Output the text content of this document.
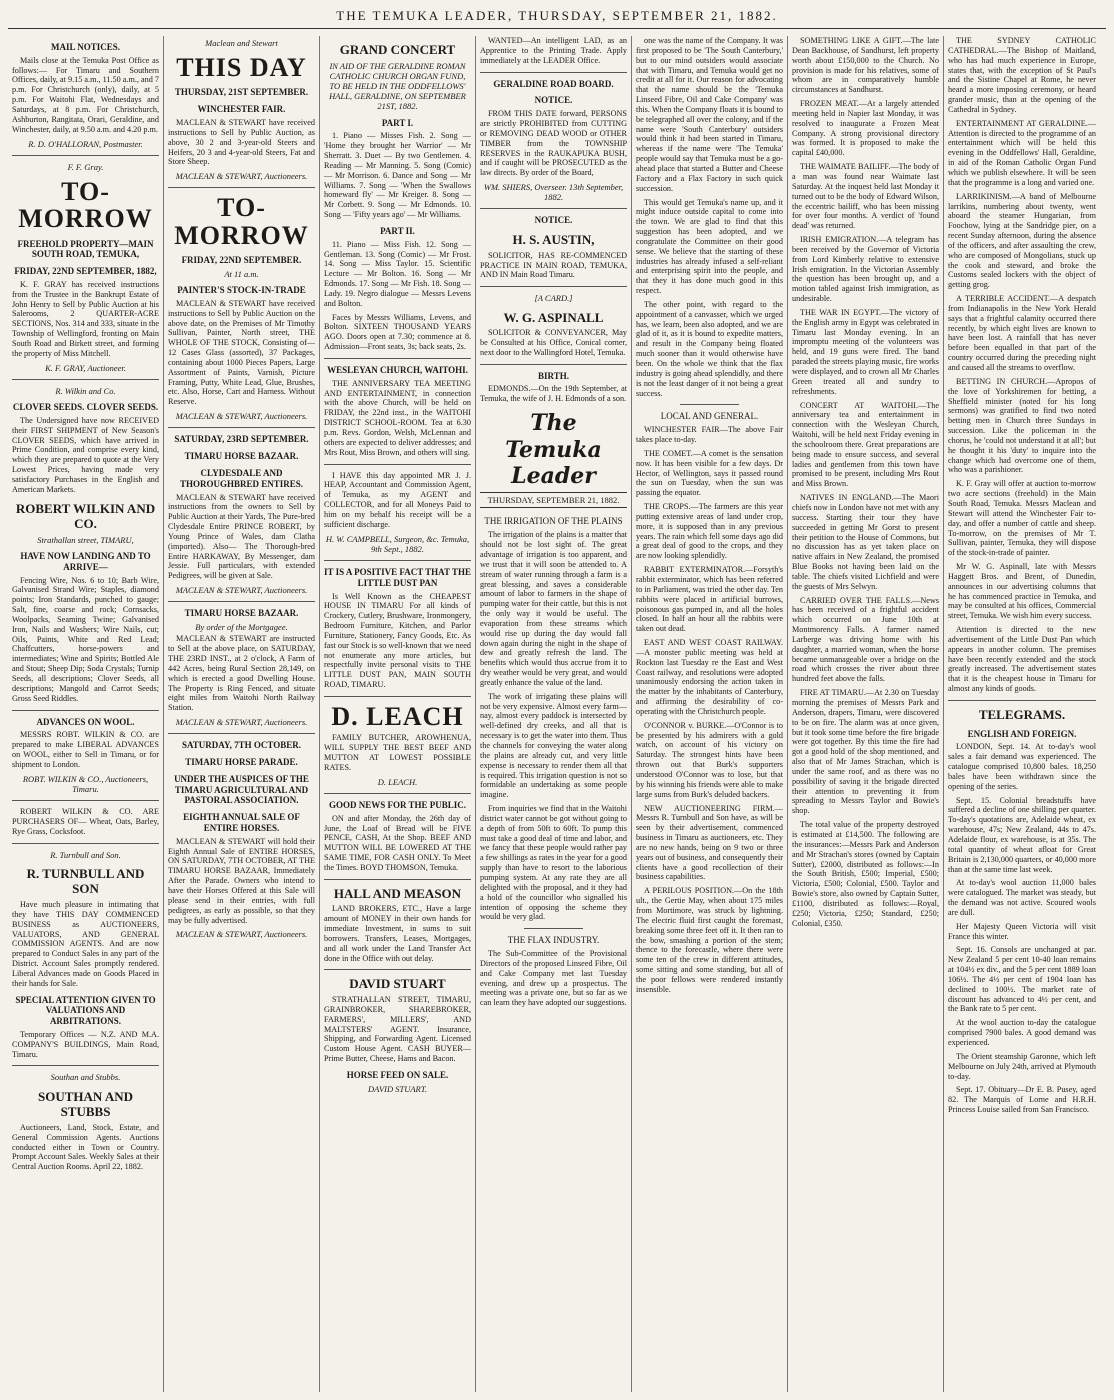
THE TEMUKA LEADER, THURSDAY, SEPTEMBER 21, 1882.
MAIL NOTICES.

Mails close at the Temuka Post Office as follows:— For Timaru and Southern Offices, daily, at 9.15 a.m., 11.50 a.m., and 7 p.m. For Christchurch (only), daily, at 5 p.m. For Waitohi Flat, Wednesdays and Saturdays, at 8 p.m. For Christchurch, Ashburton, Rangitata, Orari, Geraldine, and Winchester, daily, at 9.50 a.m. and 4.20 p.m.

R. D. O'HALLORAN, Postmaster.
F. F. Gray.
TO-MORROW
FREEHOLD PROPERTY—MAIN SOUTH ROAD, TEMUKA,
FRIDAY, 22ND SEPTEMBER, 1882,

K. F. GRAY has received instructions from the Trustee in the Bankrupt Estate of John Henry to Sell by Public Auction at his Salerooms, 2 QUARTER-ACRE SECTIONS, Nos. 314 and 333, situate in the Township of Wellingford, fronting on Main South Road and Birkett street, and forming the property of Miss Mitchell.

K. F. GRAY, Auctioneer.
R. Wilkin and Co.
CLOVER SEEDS. CLOVER SEEDS.

The Undersigned have now RECEIVED their FIRST SHIPMENT of New Season's CLOVER SEEDS, which have arrived in Prime Condition, and comprise every kind, which they are prepared to quote at the Very Lowest Prices, having made very satisfactory Purchases in the English and American Markets.

ROBERT WILKIN AND CO.
Strathallan street, TIMARU,
HAVE NOW LANDING AND TO ARRIVE—

Fencing Wire, Nos. 6 to 10; Barb Wire, Galvanised Strand Wire; Staples, diamond points; Iron Standards, punched to gauge; Salt, fine, coarse and rock; Cornsacks, Woolpacks, Seaming Twine; Galvanised Iron, Nails and Washers; Wire Nails, cut; Oils, Paints, White and Red Lead; Chaffcutters, horse-powers and intermediates; Wine and Spirits; Bottled Ale and Stout; Sheep Dip; Soda Crystals; Turnip Seeds, all descriptions; Clover Seeds, all descriptions; Mangold and Carrot Seeds; Gross Seed Riddles.

ADVANCES ON WOOL.

MESSRS ROBT. WILKIN & CO. are prepared to make LIBERAL ADVANCES on WOOL, either to Sell in Timaru, or for shipment to London.

ROBT. WILKIN & CO., Auctioneers, Timaru.

ROBERT WILKIN & CO. ARE PURCHASERS OF— Wheat, Oats, Barley, Rye Grass, Cocksfoot.

R. Turnbull and Son.
R. TURNBULL AND SON

Have much pleasure in intimating that they have THIS DAY COMMENCED BUSINESS as AUCTIONEERS, VALUATORS, AND GENERAL COMMISSION AGENTS. And are now prepared to Conduct Sales in any part of the District. Account Sales promptly rendered. Liberal Advances made on Goods Placed in their hands for Sale.

SPECIAL ATTENTION GIVEN TO VALUATIONS AND ARBITRATIONS.

Temporary Offices — N.Z. AND M.A. COMPANY'S BUILDINGS, Main Road, Timaru.

Southan and Stubbs.
SOUTHAN AND STUBBS

Auctioneers, Land, Stock, Estate, and General Commission Agents. Auctions conducted either in Town or Country. Prompt Account Sales. Weekly Sales at their Central Auction Rooms. April 22, 1882.

Maclean and Stewart
THIS DAY
THURSDAY, 21ST SEPTEMBER.
WINCHESTER FAIR.

MACLEAN & STEWART have received instructions to Sell by Public Auction, as above, 30 2 and 3-year-old Steers and Heifers, 20 3 and 4-year-old Steers, Fat and Store Sheep.

MACLEAN & STEWART, Auctioneers.
TO-MORROW
FRIDAY, 22ND SEPTEMBER.
At 11 a.m.
PAINTER'S STOCK-IN-TRADE

MACLEAN & STEWART have received instructions to Sell by Public Auction on the above date, on the Premises of Mr Timothy Sullivan, Painter, North street, THE WHOLE OF THE STOCK, Consisting of— 12 Cases Glass (assorted), 37 Packages, containing about 1000 Pieces Papers, Large Assortment of Paints, Varnish, Picture Framing, Putty, White Lead, Glue, Brushes, etc. Also, Horse, Cart and Harness. Without Reserve.

MACLEAN & STEWART, Auctioneers.
SATURDAY, 23RD SEPTEMBER.
TIMARU HORSE BAZAAR.
CLYDESDALE AND THOROUGHBRED ENTIRES.

MACLEAN & STEWART have received instructions from the owners to Sell by Public Auction at their Yards, The Pure-bred Clydesdale Entire PRINCE ROBERT, by Young Prince of Wales, dam Clatha (imported). Also— The Thorough-bred Entire HARKAWAY, By Messenger, dam Jessie. Full particulars, with extended Pedigrees, will be given at Sale.

MACLEAN & STEWART, Auctioneers.
TIMARU HORSE BAZAAR.
By order of the Mortgagee.

MACLEAN & STEWART are instructed to Sell at the above place, on SATURDAY, THE 23RD INST., at 2 o'clock, A Farm of 442 Acres, being Rural Section 28,149, on which is erected a good Dwelling House. The Property is Ring Fenced, and situate eight miles from Waitohi North Railway Station.

MACLEAN & STEWART, Auctioneers.
SATURDAY, 7TH OCTOBER.
TIMARU HORSE PARADE.
UNDER THE AUSPICES OF THE TIMARU AGRICULTURAL AND PASTORAL ASSOCIATION.
EIGHTH ANNUAL SALE OF ENTIRE HORSES.

MACLEAN & STEWART will hold their Eighth Annual Sale of ENTIRE HORSES, ON SATURDAY, 7TH OCTOBER, AT THE TIMARU HORSE BAZAAR, Immediately After the Parade. Owners who intend to have their Horses Offered at this Sale will please send in their entries, with full pedigrees, as early as possible, so that they may be fully advertised.

MACLEAN & STEWART, Auctioneers.
GRAND CONCERT
IN AID OF THE GERALDINE ROMAN CATHOLIC CHURCH ORGAN FUND, TO BE HELD IN THE ODDFELLOWS' HALL, GERALDINE, ON SEPTEMBER 21ST, 1882.
PART I.

1. Piano — Misses Fish. 2. Song — 'Home they brought her Warrior' — Mr Sherratt. 3. Duet — By two Gentlemen. 4. Reading — Mr Manning. 5. Song (Comic) — Mr Morrison. 6. Dance and Song — Mr Williams. 7. Song — 'When the Swallows homeward fly' — Mr Kreiger. 8. Song — Mr Corbett. 9. Song — Mr Edmonds. 10. Song — 'Fifty years ago' — Mr Williams.

PART II.

11. Piano — Miss Fish. 12. Song — Gentleman. 13. Song (Comic) — Mr Frost. 14. Song — Miss Taylor. 15. Scientific Lecture — Mr Bolton. 16. Song — Mr Edmonds. 17. Song — Mr Fish. 18. Song — Lady. 19. Negro dialogue — Messrs Levens and Bolton.

Faces by Messrs Williams, Levens, and Bolton. SIXTEEN THOUSAND YEARS AGO. Doors open at 7.30; commence at 8. Admission—Front seats, 3s; back seats, 2s.

WESLEYAN CHURCH, WAITOHI.

THE ANNIVERSARY TEA MEETING AND ENTERTAINMENT, in connection with the above Church, will be held on FRIDAY, the 22nd inst., in the WAITOHI DISTRICT SCHOOL-ROOM. Tea at 6.30 p.m. Revs. Gordon, Welsh, McLennan and others are expected to deliver addresses; and Mrs Rout, Miss Brown, and others will sing.

I HAVE this day appointed MR J. J. HEAP, Accountant and Commission Agent, of Temuka, as my AGENT and COLLECTOR, and for all Moneys Paid to him on my behalf his receipt will be a sufficient discharge.

H. W. CAMPBELL, Surgeon, &c. Temuka, 9th Sept., 1882.
IT IS A POSITIVE FACT THAT THE LITTLE DUST PAN

Is Well Known as the CHEAPEST HOUSE IN TIMARU For all kinds of Crockery, Cutlery, Brushware, Ironmongery, Bedroom Furniture, Kitchen, and Parlor Furniture, Stationery, Fancy Goods, Etc. As fast our Stock is so well-known that we need not enumerate any more articles, but respectfully invite personal visits to THE LITTLE DUST PAN, MAIN SOUTH ROAD, TIMARU.

D. LEACH

FAMILY BUTCHER, AROWHENUA, WILL SUPPLY THE BEST BEEF AND MUTTON AT LOWEST POSSIBLE RATES.

D. LEACH.
GOOD NEWS FOR THE PUBLIC.

ON and after Monday, the 26th day of June, the Loaf of Bread will be FIVE PENCE, CASH, At the Shop. BEEF AND MUTTON WILL BE LOWERED AT THE SAME TIME, FOR CASH ONLY. To Meet the Times. BOYD THOMSON, Temuka.

HALL AND MEASON

LAND BROKERS, ETC., Have a large amount of MONEY in their own hands for immediate Investment, in sums to suit borrowers. Transfers, Leases, Mortgages, and all work under the Land Transfer Act done in the Office with out delay.

DAVID STUART

STRATHALLAN STREET, TIMARU, GRAINBROKER, SHAREBROKER, FARMERS', MILLERS', AND MALTSTERS' AGENT. Insurance, Shipping, and Forwarding Agent. Licensed Custom House Agent. CASH BUYER—Prime Butter, Cheese, Hams and Bacon.

HORSE FEED ON SALE.
DAVID STUART.

WANTED—An intelligent LAD, as an Apprentice to the Printing Trade. Apply immediately at the LEADER Office.

GERALDINE ROAD BOARD.
NOTICE.

FROM THIS DATE forward, PERSONS are strictly PROHIBITED from CUTTING or REMOVING DEAD WOOD or OTHER TIMBER from the TOWNSHIP RESERVES in the RAUKAPUKA BUSH, and if caught will be PROSECUTED as the law directs. By order of the Board,

WM. SHIERS, Overseer. 13th September, 1882.
NOTICE.
H. S. AUSTIN,

SOLICITOR, HAS RE-COMMENCED PRACTICE IN MAIN ROAD, TEMUKA, AND IN Main Road Timaru.

[A CARD.]
W. G. ASPINALL

SOLICITOR & CONVEYANCER, May be Consulted at his Office, Conical corner, next door to the Wallingford Hotel, Temuka.

BIRTH.

EDMONDS.—On the 19th September, at Temuka, the wife of J. H. Edmonds of a son.

The Temuka Leader
THURSDAY, SEPTEMBER 21, 1882.
THE IRRIGATION OF THE PLAINS

The irrigation of the plains is a matter that should not be lost sight of. The great advantage of irrigation is too apparent, and we trust that it will soon be attended to. A stream of water running through a farm is a great blessing, and saves a considerable amount of labor to farmers in the shape of pumping water for their cattle, but this is not the only way it would be useful. The evaporation from these streams which would rise up during the day would fall down again during the night in the shape of dew and greatly refresh the land. The benefits which would thus accrue from it to dry weather would be very great, and would greatly enhance the value of the land.

The work of irrigating these plains will not be very expensive. Almost every farm—nay, almost every paddock is intersected by well-defined dry creeks, and all that is necessary is to get the water into them. Thus the channels for conveying the water along the plains are already cut, and very little expense is necessary to render them all that is required. This irrigation question is not so formidable an undertaking as some people imagine.

From inquiries we find that in the Waitohi district water cannot be got without going to a depth of from 50ft to 60ft. To pump this must take a good deal of time and labor, and we fancy that these people would rather pay a few shillings as rates in the year for a good supply than have to resort to the laborious pumping system. At any rate they are all delighted with the proposal, and it they had a hold of the councillor who signalled his intention of opposing the scheme they would be very glad.

THE FLAX INDUSTRY.

The Sub-Committee of the Provisional Directors of the proposed Linseed Fibre, Oil and Cake Company met last Tuesday evening, and drew up a prospectus. The meeting was a private one, but so far as we can learn they have adopted our suggestions.

one was the name of the Company. It was first proposed to be 'The South Canterbury,' but to our mind outsiders would associate that with Timaru, and Temuka would get no credit at all for it. Our reason for advocating that the name should be the 'Temuka Linseed Fibre, Oil and Cake Company' was this. When the Company floats it is bound to be telegraphed all over the colony, and if the name were 'South Canterbury' outsiders would think it had been started in Timaru, whereas if the name were 'The Temuka' people would say that Temuka must be a go-ahead place that started a Butter and Cheese Factory and a Flax Factory in such quick succession.

This would get Temuka's name up, and it might induce outside capital to come into the town. We are glad to find that this suggestion has been adopted, and we congratulate the Committee on their good sense. We believe that the starting of these industries has already infused a self-reliant and enterprising spirit into the people, and that they it has done much good in this respect.

The other point, with regard to the appointment of a canvasser, which we urged has, we learn, been also adopted, and we are glad of it, as it is bound to expedite matters, and result in the Company being floated much sooner than it would otherwise have been. On the whole we think that the flax industry is going ahead splendidly, and there is not the least danger of it not being a great success.

LOCAL AND GENERAL.

WINCHESTER FAIR—The above Fair takes place to-day.

THE COMET.—A comet is the sensation now. It has been visible for a few days. Dr Hector, of Wellington, says it passed round the sun on Tuesday, when the sun was passing the equator.

THE CROPS.—The farmers are this year putting extensive areas of land under crop, more, it is supposed than in any previous years. The rain which fell some days ago did a great deal of good to the crops, and they are now looking splendidly.

RABBIT EXTERMINATOR.—Forsyth's rabbit exterminator, which has been referred to in Parliament, was tried the other day. Ten rabbits were placed in artificial burrows, poisonous gas pumped in, and all the holes closed. In half an hour all the rabbits were taken out dead.

EAST AND WEST COAST RAILWAY.—A monster public meeting was held at Rockton last Tuesday re the East and West Coast railway, and resolutions were adopted unanimously endorsing the action taken in the matter by the inhabitants of Canterbury, and affirming the desirability of co-operating with the Christchurch people.

O'CONNOR v. BURKE.—O'Connor is to be presented by his admirers with a gold watch, on account of his victory on Saturday. The strongest hints have been thrown out that Burk's supporters understood O'Connor was to lose, but that by his winning his friends were able to make large sums from Burk's deluded backers.

NEW AUCTIONEERING FIRM.—Messrs R. Turnbull and Son have, as will be seen by their advertisement, commenced business in Timaru as auctioneers, etc. They are no new hands, being on 9 two or three years out of business, and consequently their clients have a good recollection of their business capabilities.

A PERILOUS POSITION.—On the 18th ult., the Gertie May, when about 175 miles from Mortimore, was struck by lightning. The electric fluid first caught the foremast, breaking some three feet off it. It then ran to the bow, smashing a portion of the stem; thence to the forecastle, where there were some ten of the crew in different attitudes, some sitting and some standing, but all of the poor fellows were rendered instantly insensible.

SOMETHING LIKE A GIFT.—The late Dean Backhouse, of Sandhurst, left property worth about £150,000 to the Church. No provision is made for his relatives, some of whom are in comparatively humble circumstances at Sandhurst.

FROZEN MEAT.—At a largely attended meeting held in Napier last Monday, it was resolved to inaugurate a Frozen Meat Company. A strong provisional directory was formed. It is proposed to make the capital £40,000.

THE WAIMATE BAILIFF.—The body of a man was found near Waimate last Saturday. At the inquest held last Monday it turned out to be the body of Edward Wilson, the eccentric bailiff, who has been missing for over four months. A verdict of 'found dead' was returned.

IRISH EMIGRATION.—A telegram has been received by the Governor of Victoria from Lord Kimberly relative to extensive Irish emigration. In the Victorian Assembly the question has been brought up, and a motion tabled against Irish immigration, as undesirable.

THE WAR IN EGYPT.—The victory of the English army in Egypt was celebrated in Timaru last Monday evening. In an impromptu meeting of the volunteers was held, and 19 guns were fired. The band paraded the streets playing music, fire works were displayed, and to crown all Mr Charles Green treated all and sundry to refreshments.

CONCERT AT WAITOHI.—The anniversary tea and entertainment in connection with the Wesleyan Church, Waitohi, will be held next Friday evening in the schoolroom there. Great preparations are being made to ensure success, and several ladies and gentlemen from this town have promised to be present, including Mrs Rout and Miss Brown.

NATIVES IN ENGLAND.—The Maori chiefs now in London have not met with any success. Starting their tour they have succeeded in getting Mr Gorst to present their petition to the House of Commons, but no discussion has as yet taken place on native affairs in New Zealand, the promised Blue Books not having been laid on the table. The chiefs visited Lichfield and were the guests of Mrs Selwyn.

CARRIED OVER THE FALLS.—News has been received of a frightful accident which occurred on June 10th at Montmorency Falls. A farmer named Larberge was driving home with his daughter, a married woman, when the horse became unmanageable over a bridge on the road which crosses the river about three hundred feet above the falls.

FIRE AT TIMARU.—At 2.30 on Tuesday morning the premises of Messrs Park and Anderson, drapers, Timaru, were discovered to be on fire. The alarm was at once given, but it took some time before the fire brigade were got together. By this time the fire had got a good hold of the shop mentioned, and also that of Mr James Strachan, which is under the same roof, and as there was no possibility of saving it the brigade directed their attention to preventing it from spreading to Messrs Taylor and Bowie's shop.

The total value of the property destroyed is estimated at £14,500. The following are the insurances:—Messrs Park and Anderson and Mr Strachan's stores (owned by Captain Sutter), £2000, distributed as follows:—In the South British, £500; Imperial, £500; Victoria, £500; Colonial, £500. Taylor and Bowie's store, also owned by Captain Sutter, £1100, distributed as follows:—Royal, £250; Victoria, £250; Standard, £250; Colonial, £350.

THE SYDNEY CATHOLIC CATHEDRAL.—The Bishop of Maitland, who has had much experience in Europe, states that, with the exception of St Paul's and the Sistine Chapel at Rome, he never heard a more imposing ceremony, or heard grander music, than at the opening of the Cathedral in Sydney.

ENTERTAINMENT AT GERALDINE.—Attention is directed to the programme of an entertainment which will be held this evening in the Oddfellows' Hall, Geraldine, in aid of the Roman Catholic Organ Fund which we publish elsewhere. It will be seen that the programme is a long and varied one.

LARRIKINISM.—A band of Melbourne larrikins, numbering about twenty, went aboard the steamer Hungarian, from Foochow, lying at the Sandridge pier, on a recent Sunday afternoon, during the absence of the officers, and after assaulting the crew, who are composed of Mongolians, stuck up the cook and steward, and broke the Customs sealed lockers with the object of getting grog.

A TERRIBLE ACCIDENT.—A despatch from Indianapolis in the New York Herald says that a frightful calamity occurred there recently, by which eight lives are known to have been lost. A rainfall that has never before been equalled in that part of the country occurred during the preceding night and caused all the streams to overflow.

BETTING IN CHURCH.—Apropos of the love of Yorkshiremen for betting, a Sheffield minister (noted for his long sermons) was gratified to find two noted betting men in Church three Sundays in succession. Like the policeman in the chorus, he 'could not understand it at all'; but he thought it his 'duty' to inquire into the change which had overcome one of them, who was a parishioner.

K. F. Gray will offer at auction to-morrow two acre sections (freehold) in the Main South Road, Temuka. Messrs Maclean and Stewart will attend the Winchester Fair to-day, and offer a number of cattle and sheep. To-morrow, on the premises of Mr T. Sullivan, painter, Temuka, they will dispose of the stock-in-trade of painter.

Mr W. G. Aspinall, late with Messrs Haggett Bros. and Brent, of Dunedin, announces in our advertising columns that he has commenced practice in Temuka, and may be consulted at his offices, Commercial street, Temuka. We wish him every success.

Attention is directed to the new advertisement of the Little Dust Pan which appears in another column. The premises have been recently extended and the stock greatly increased. The advertisement states that it is the cheapest house in Timaru for almost any kinds of goods.

TELEGRAMS.
ENGLISH AND FOREIGN.

LONDON, Sept. 14. At to-day's wool sales a fair demand was experienced. The catalogue comprised 10,800 bales. 18,250 bales have been withdrawn since the opening of the series.

Sept. 15. Colonial breadstuffs have suffered a decline of one shilling per quarter. To-day's quotations are, Adelaide wheat, ex warehouse, 47s; New Zealand, 44s to 47s. Adelaide flour, ex warehouse, is at 35s. The total quantity of wheat afloat for Great Britain is 2,130,000 quarters, or 40,000 more than at the same time last week.

At to-day's wool auction 11,000 bales were catalogued. The market was steady, but the demand was not active. Scoured wools are dull.

Her Majesty Queen Victoria will visit France this winter.

Sept. 16. Consols are unchanged at par. New Zealand 5 per cent 10-40 loan remains at 104½ ex div., and the 5 per cent 1889 loan 106½. The 4½ per cent of 1904 loan has declined to 100½. The market rate of discount has advanced to 4½ per cent, and the Bank rate to 5 per cent.

At the wool auction to-day the catalogue comprised 7900 bales. A good demand was experienced.

The Orient steamship Garonne, which left Melbourne on July 24th, arrived at Plymouth to-day.

Sept. 17. Obituary—Dr E. B. Pusey, aged 82. The Marquis of Lorne and H.R.H. Princess Louise sailed from San Francisco.
